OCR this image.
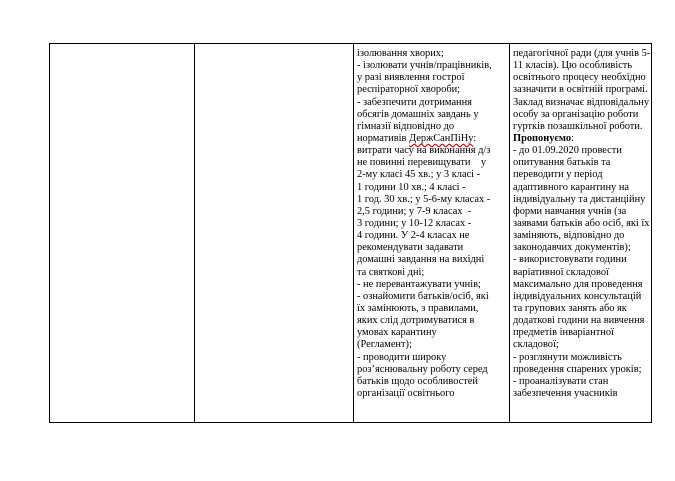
ізолювання хворих;
- ізолювати учнів/працівників,
у разі виявлення гострої
респіраторної хвороби;
- забезпечити дотримання
обсягів домашніх завдань у
гімназії відповідно до
нормативів ДержСанПіНу:
витрати часу на виконання д/з
не повинні перевищувати    у
2-му класі 45 хв.; у 3 класі -
1 години 10 хв.; 4 класі -
1 год. 30 хв.; у 5-6-му класах -
2,5 години; у 7-9 класах  -
3 години; у 10-12 класах -
4 години. У 2-4 класах не
рекомендувати задавати
домашні завдання на вихідні
та святкові дні;
- не перевантажувати учнів;
- ознайомити батьків/осіб, які
їх замінюють, з правилами,
яких слід дотримуватися в
умовах карантину
(Регламент);
- проводити широку
роз’яснювальну роботу серед
батьків щодо особливостей
організації освітнього
педагогічної ради (для учнів 5-
11 класів). Цю особливість
освітнього процесу необхідно
зазначити в освітній програмі.
Заклад визначає відповідальну
особу за організацію роботи
гуртків позашкільної роботи.
Пропонуємо:
- до 01.09.2020 провести
опитування батьків та
переводити у період
адаптивного карантину на
індивідуальну та дистанційну
форми навчання учнів (за
заявами батьків або осіб, які їх
заміняють, відповідно до
законодавчих документів);
- використовувати години
варіативної складової
максимально для проведення
індивідуальних консультацій
та групових занять або як
додаткові години на вивчення
предметів інваріантної
складової;
- розглянути можливість
проведення спарених уроків;
- проаналізувати стан
забезпечення учасників
